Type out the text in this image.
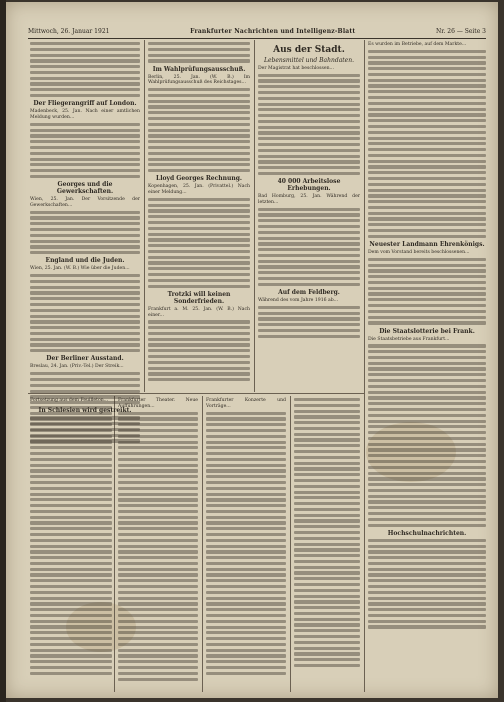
Mittwoch, 26. Januar 1921	Frankfurter Nachrichten und Intelligenz-Blatt	Nr. 26 — Seite 3
Der Fliegerangriff auf London.

Madenbeck, 25. Jan. Nach einer amtlichen Meldung wurden...

Georges und die Gewerkschaften.

Wien, 25. Jan. Der Vorsitzende der Gewerkschaften...

England und die Juden.

Wien, 25. Jan. (W. B.) Wie über die Juden...

Der Berliner Ausstand.

Breslau, 24. Jan. (Priv.-Tel.) Der Streik...

In Schlesien wird gestreikt.
Im Wahlprüfungsausschuß.

Berlin, 25. Jan. (W. B.) Im Wahlprüfungsausschuß des Reichstages...

Lloyd Georges Rechnung.

Kopenhagen, 25. Jan. (Privattel.) Nach einer Meldung...

Trotzki will keinen Sonderfrieden.

Frankfurt a. M. 25. Jan. (W. B.) Nach einer...

Aus der Stadt.
Lebensmittel und Bahndaten.

Der Magistrat hat beschlossen...

40 000 Arbeitslose Erhebungen.

Bad Homburg, 25. Jan. Während der letzten...

Auf dem Feldberg.

Während des vom Jahre 1916 ab...

Es wurden im Betriebe, auf dem Markte...

Neuester Landmann Ehrenkönigs.

Dem vom Vorstand bereits beschlossenen...

Die Staatslotterie bei Frank.

Die Staatsbetriebe aus Frankfurt...

Hochschulnachrichten.

Fortsetzung aus dem Feuilleton...	Frankfurter Theater. Neue Aufführungen...

Frankfurter Konzerte und Vorträge...
